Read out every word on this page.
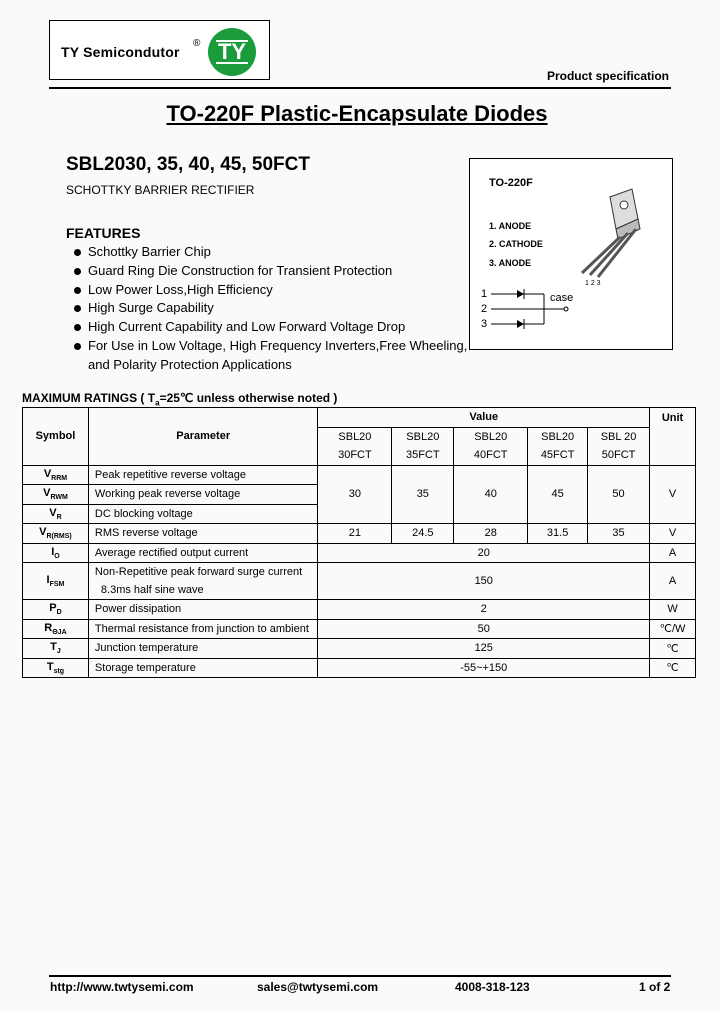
TY Semicondutor
® TY
Product specification
TO-220F Plastic-Encapsulate Diodes
SBL2030, 35, 40, 45, 50FCT
SCHOTTKY BARRIER RECTIFIER
FEATURES
Schottky Barrier Chip
Guard Ring Die Construction for Transient Protection
Low Power Loss,High Efficiency
High Surge Capability
High Current Capability and Low Forward Voltage Drop
For Use in Low Voltage, High Frequency Inverters,Free Wheeling,
and Polarity Protection Applications
TO-220F
1. ANODE
2. CATHODE
3. ANODE
1 2 3
1
2
3
case
MAXIMUM RATINGS ( $T_a=25℃$ unless otherwise noted )
Symbol	Parameter	Value					Unit
		SBL20	SBL20	SBL20	SBL20	SBL 20	
		30FCT	35FCT	40FCT	45FCT	50FCT	
$V_{RRM}$	Peak repetitive reverse voltage	30	35	40	45	50	V
$V_{RWM}$	Working peak reverse voltage						
$V_R$	DC blocking voltage						
$V_{R(RMS)}$	RMS reverse voltage	21	24.5	28	31.5	35	V
$I_O$	Average rectified output current	20					A
$I_{FSM}$	Non-Repetitive peak forward surge current
8.3ms half sine wave	150					A
$P_D$	Power dissipation	2					W
$R_{\Theta JA}$	Thermal resistance from junction to ambient	50					℃/W
$T_J$	Junction temperature	125					℃
$T_{stg}$	Storage temperature	-55~+150					℃
http://www.twtysemi.com	sales@twtysemi.com	4008-318-123	1 of 2
